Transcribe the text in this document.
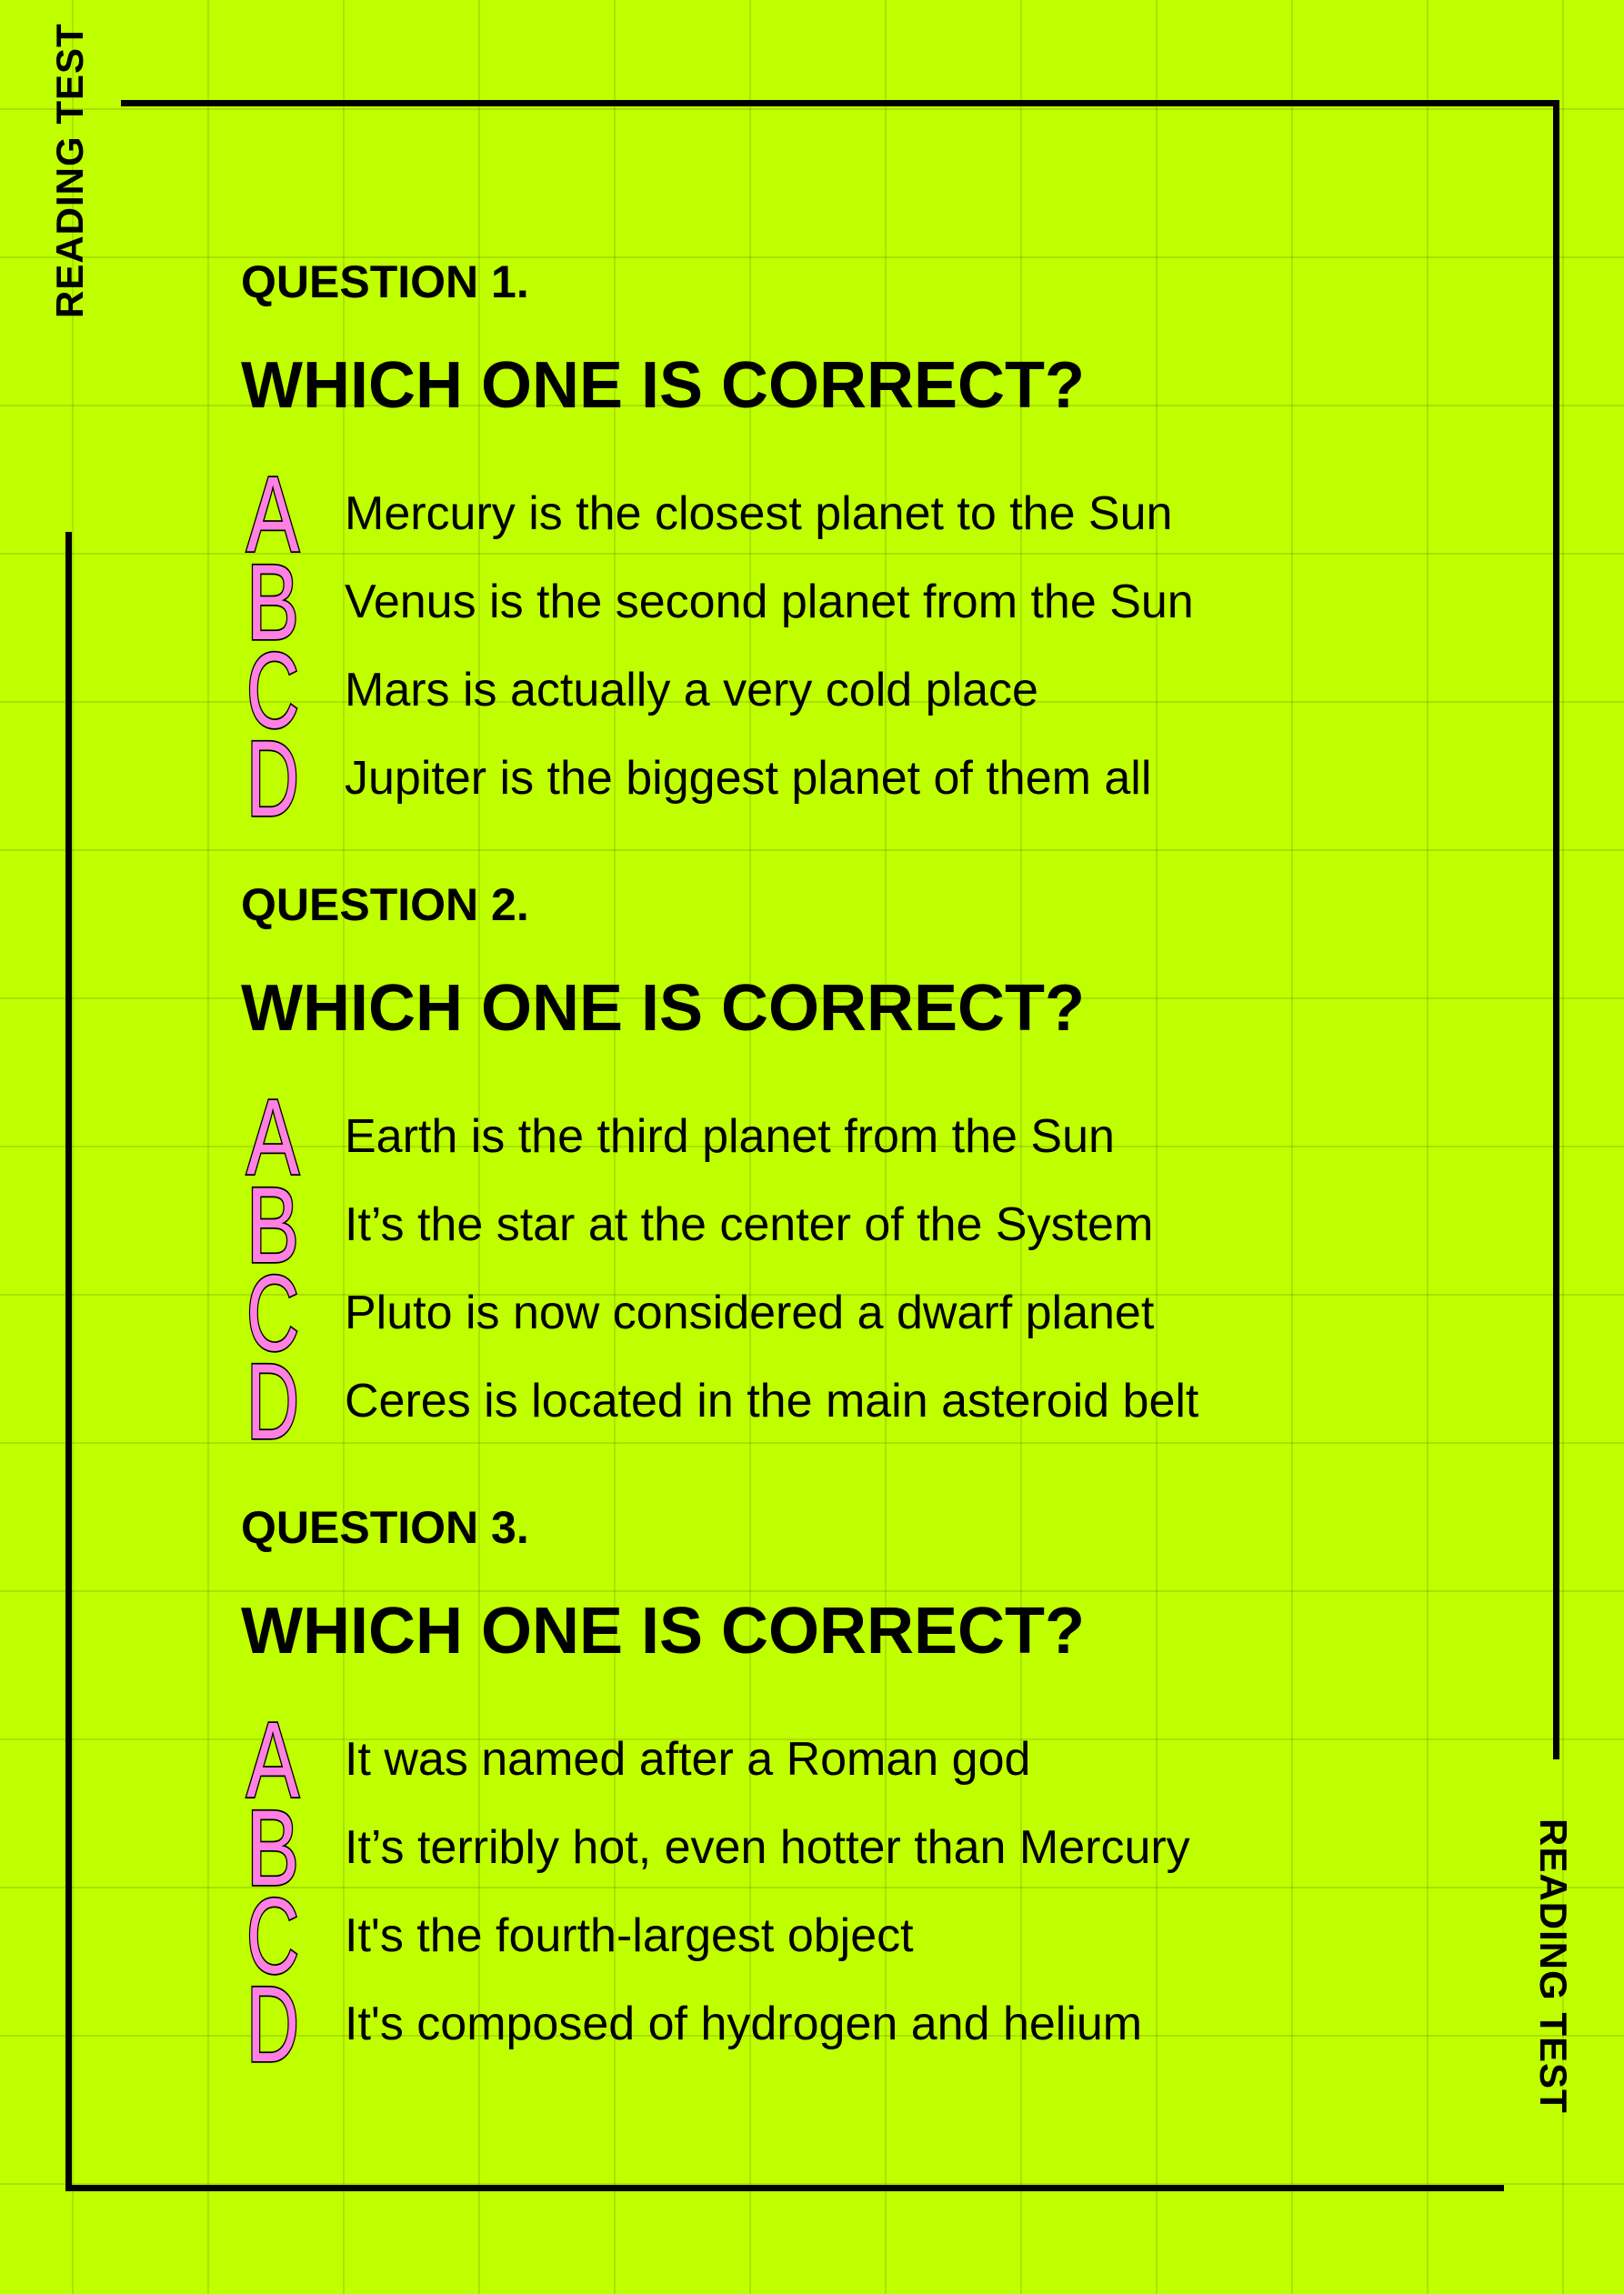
READING TEST
READING TEST
QUESTION 1.
WHICH ONE IS CORRECT?
A Mercury is the closest planet to the Sun
B Venus is the second planet from the Sun
C Mars is actually a very cold place
D Jupiter is the biggest planet of them all
QUESTION 2.
WHICH ONE IS CORRECT?
A Earth is the third planet from the Sun
B It’s the star at the center of the System
C Pluto is now considered a dwarf planet
D Ceres is located in the main asteroid belt
QUESTION 3.
WHICH ONE IS CORRECT?
A It was named after a Roman god
B It’s terribly hot, even hotter than Mercury
C It's the fourth-largest object
D It's composed of hydrogen and helium
